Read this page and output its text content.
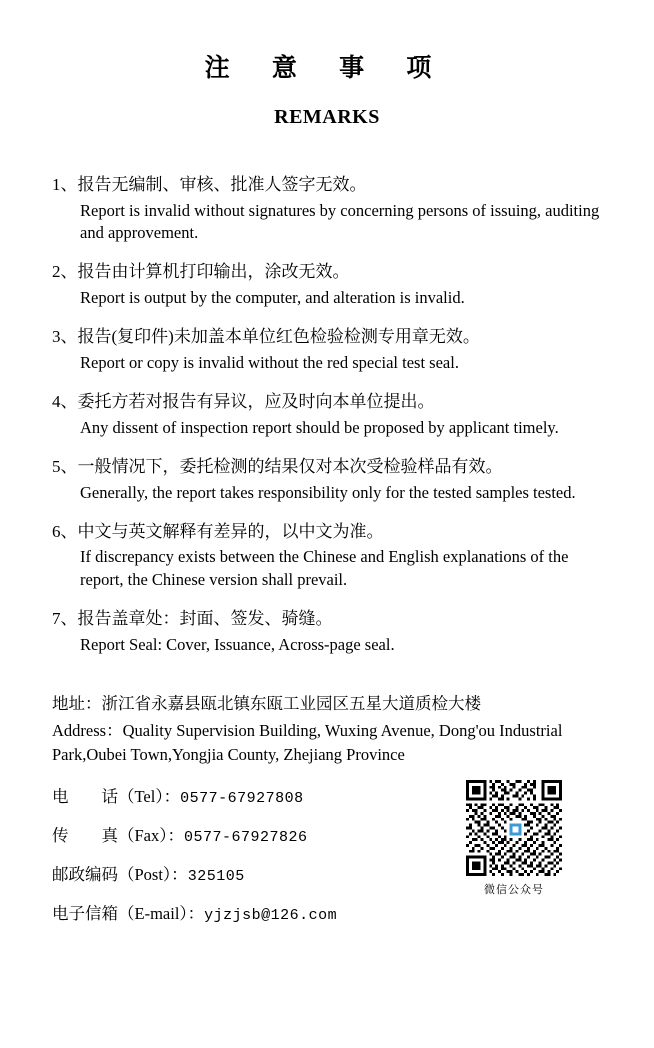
注 意 事 项
REMARKS
1、报告无编制、审核、批准人签字无效。
Report is invalid without signatures by concerning persons of issuing, auditing and approvement.
2、报告由计算机打印输出，涂改无效。
Report is output by the computer, and alteration is invalid.
3、报告(复印件)未加盖本单位红色检验检测专用章无效。
Report or copy is invalid without the red special test seal.
4、委托方若对报告有异议，应及时向本单位提出。
Any dissent of inspection report should be proposed by applicant timely.
5、一般情况下，委托检测的结果仅对本次受检验样品有效。
Generally, the report takes responsibility only for the tested samples tested.
6、中文与英文解释有差异的，以中文为准。
If discrepancy exists between the Chinese and English explanations of the report, the Chinese version shall prevail.
7、报告盖章处：封面、签发、骑缝。
Report Seal: Cover, Issuance, Across-page seal.
地址：浙江省永嘉县瓯北镇东瓯工业园区五星大道质检大楼
Address：Quality Supervision Building, Wuxing Avenue, Dong'ou Industrial Park,Oubei Town,Yongjia County, Zhejiang Province
电　　话（Tel）：0577-67927808
传　　真（Fax）：0577-67927826
邮政编码（Post）：325105
电子信箱（E-mail）：yjzjsb@126.com
微信公众号
